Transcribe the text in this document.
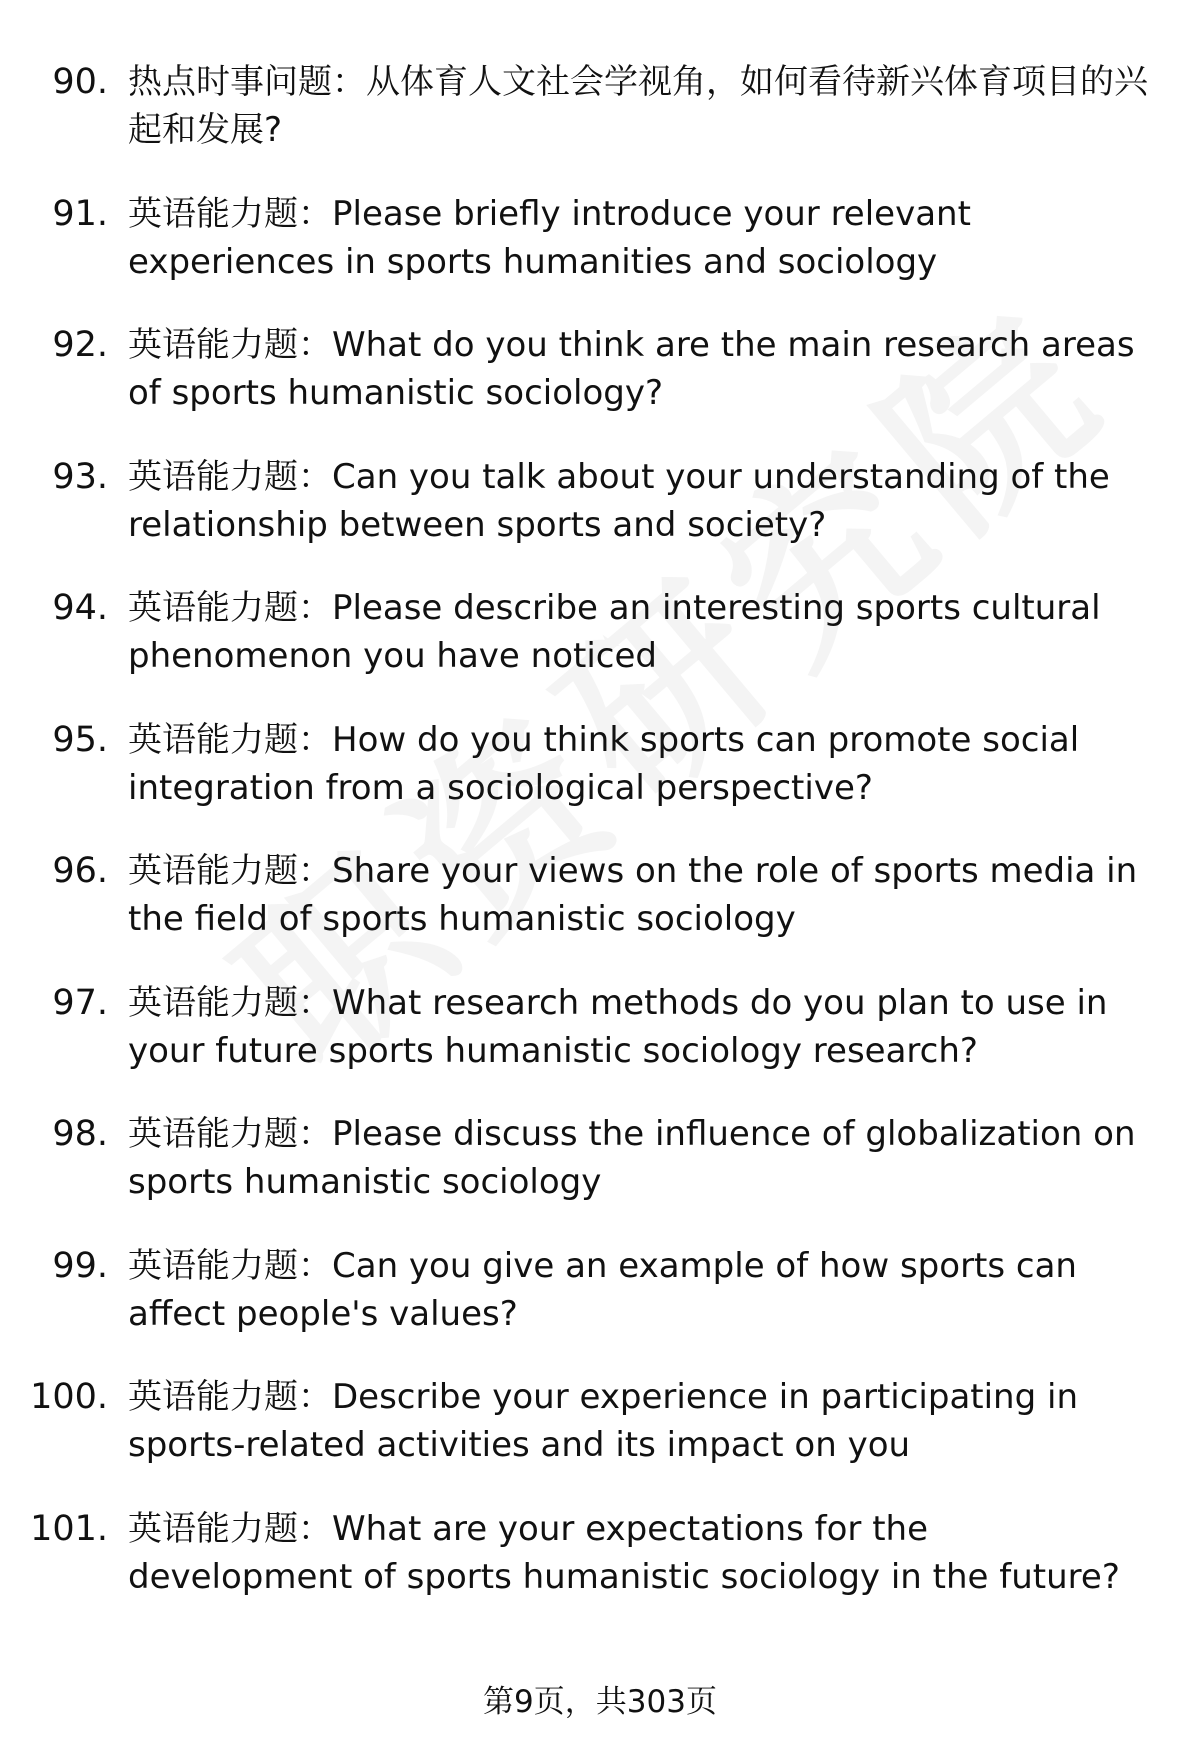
90. 热点时事问题：从体育人文社会学视角，如何看待新兴体育项目的兴起和发展?
91. 英语能力题：Please briefly introduce your relevant experiences in sports humanities and sociology
92. 英语能力题：What do you think are the main research areas of sports humanistic sociology?
93. 英语能力题：Can you talk about your understanding of the relationship between sports and society?
94. 英语能力题：Please describe an interesting sports cultural phenomenon you have noticed
95. 英语能力题：How do you think sports can promote social integration from a sociological perspective?
96. 英语能力题：Share your views on the role of sports media in the field of sports humanistic sociology
97. 英语能力题：What research methods do you plan to use in your future sports humanistic sociology research?
98. 英语能力题：Please discuss the influence of globalization on sports humanistic sociology
99. 英语能力题：Can you give an example of how sports can affect people's values?
100. 英语能力题：Describe your experience in participating in sports-related activities and its impact on you
101. 英语能力题：What are your expectations for the development of sports humanistic sociology in the future?
第9页，共303页
